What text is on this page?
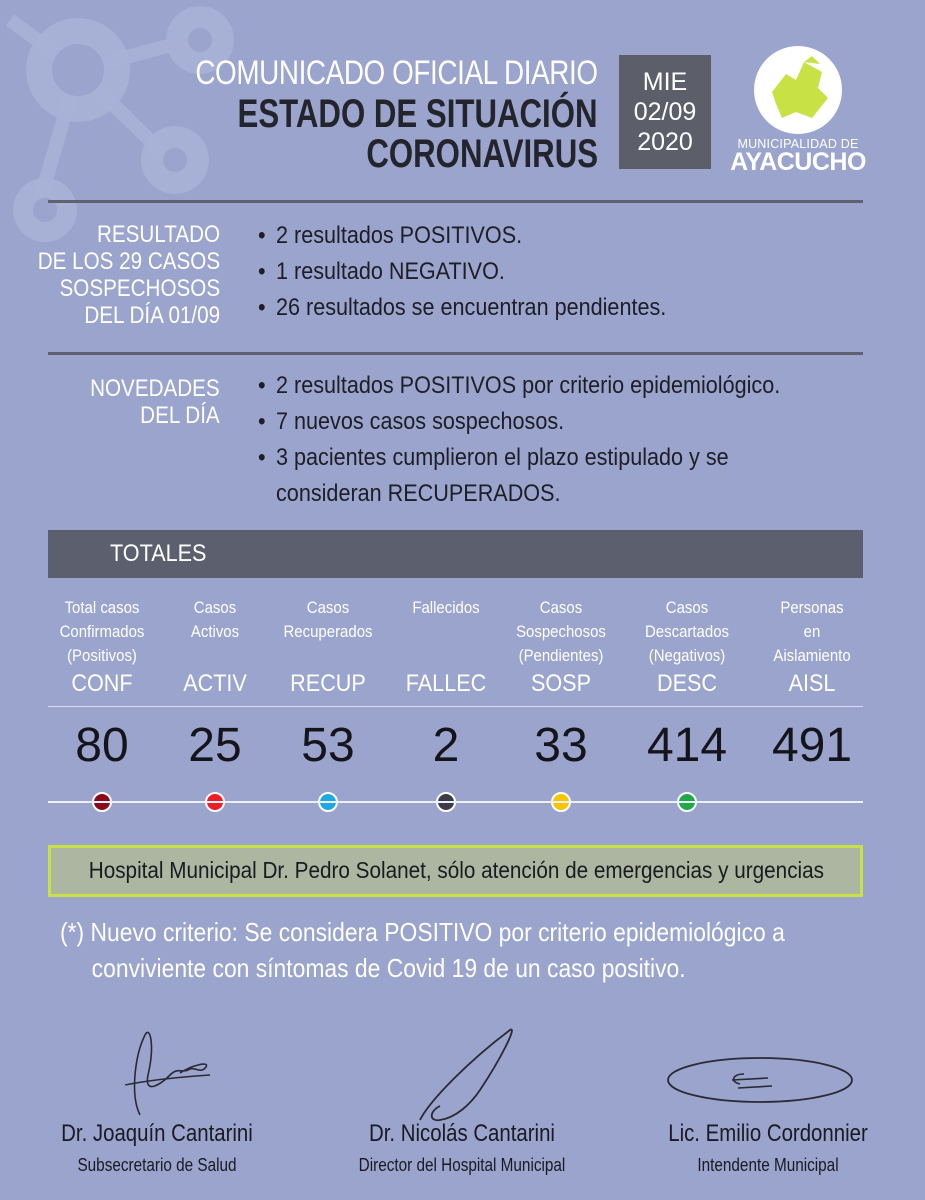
COMUNICADO OFICIAL DIARIO
ESTADO DE SITUACIÓN
CORONAVIRUS
MIE
02/09
2020	MUNICIPALIDAD DE
AYACUCHO
RESULTADO
DE LOS 29 CASOS
SOSPECHOSOS
DEL DÍA 01/09
• 2 resultados POSITIVOS.
• 1 resultado NEGATIVO.
• 26 resultados se encuentran pendientes.
NOVEDADES
DEL DÍA
• 2 resultados POSITIVOS por criterio epidemiológico.
• 7 nuevos casos sospechosos.
• 3 pacientes cumplieron el plazo estipulado y se
consideran RECUPERADOS.
TOTALES
Total casos
Confirmados
(Positivos)
CONF
80
Casos
Activos
ACTIV
25
Casos
Recuperados
RECUP
53
Fallecidos
FALLEC
2
Casos
Sospechosos
(Pendientes)
SOSP
33
Casos
Descartados
(Negativos)
DESC
414
Personas
en
Aislamiento
AISL
491
Hospital Municipal Dr. Pedro Solanet, sólo atención de emergencias y urgencias
(*) Nuevo criterio: Se considera POSITIVO por criterio epidemiológico a
conviviente con síntomas de Covid 19 de un caso positivo.
Dr. Joaquín Cantarini
Subsecretario de Salud
Dr. Nicolás Cantarini
Director del Hospital Municipal
Lic. Emilio Cordonnier
Intendente Municipal
